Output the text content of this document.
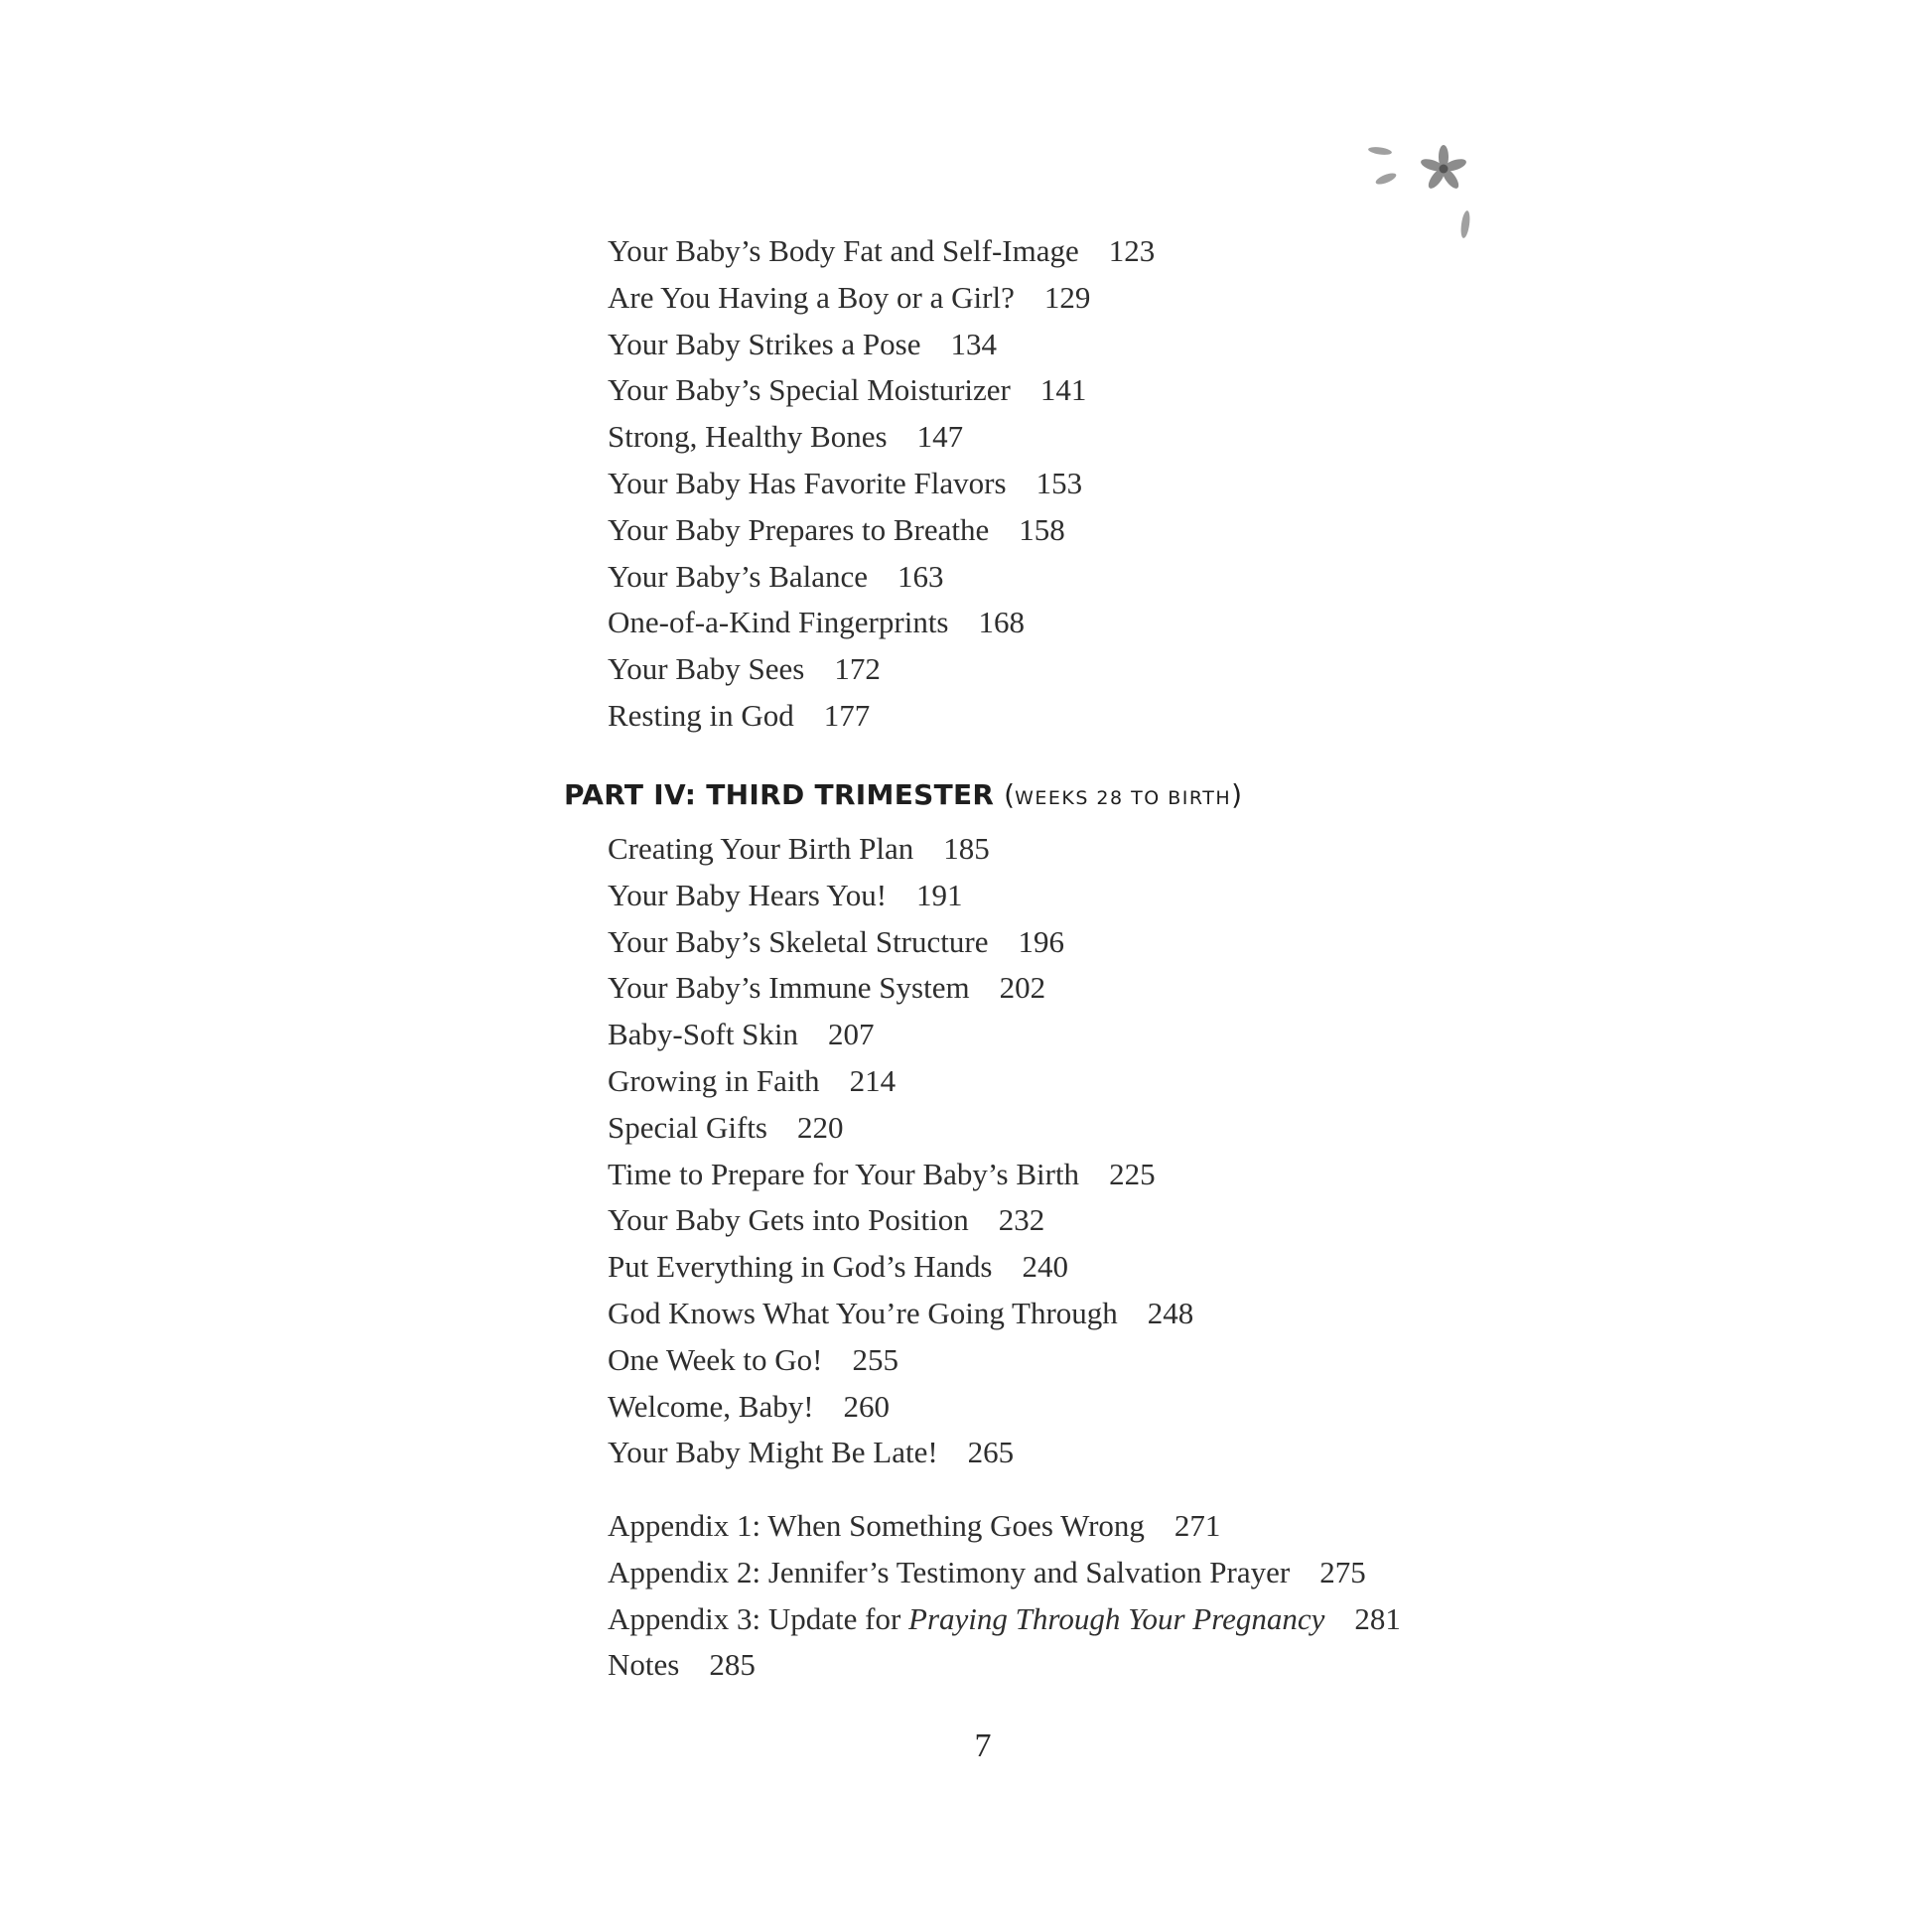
Your Baby’s Body Fat and Self-Image 123
Are You Having a Boy or a Girl? 129
Your Baby Strikes a Pose 134
Your Baby’s Special Moisturizer 141
Strong, Healthy Bones 147
Your Baby Has Favorite Flavors 153
Your Baby Prepares to Breathe 158
Your Baby’s Balance 163
One-of-a-Kind Fingerprints 168
Your Baby Sees 172
Resting in God 177
PART IV: THIRD TRIMESTER (WEEKS 28 TO BIRTH)
Creating Your Birth Plan 185
Your Baby Hears You! 191
Your Baby’s Skeletal Structure 196
Your Baby’s Immune System 202
Baby-Soft Skin 207
Growing in Faith 214
Special Gifts 220
Time to Prepare for Your Baby’s Birth 225
Your Baby Gets into Position 232
Put Everything in God’s Hands 240
God Knows What You’re Going Through 248
One Week to Go! 255
Welcome, Baby! 260
Your Baby Might Be Late! 265
Appendix 1: When Something Goes Wrong 271
Appendix 2: Jennifer’s Testimony and Salvation Prayer 275
Appendix 3: Update for Praying Through Your Pregnancy 281
Notes 285
7
